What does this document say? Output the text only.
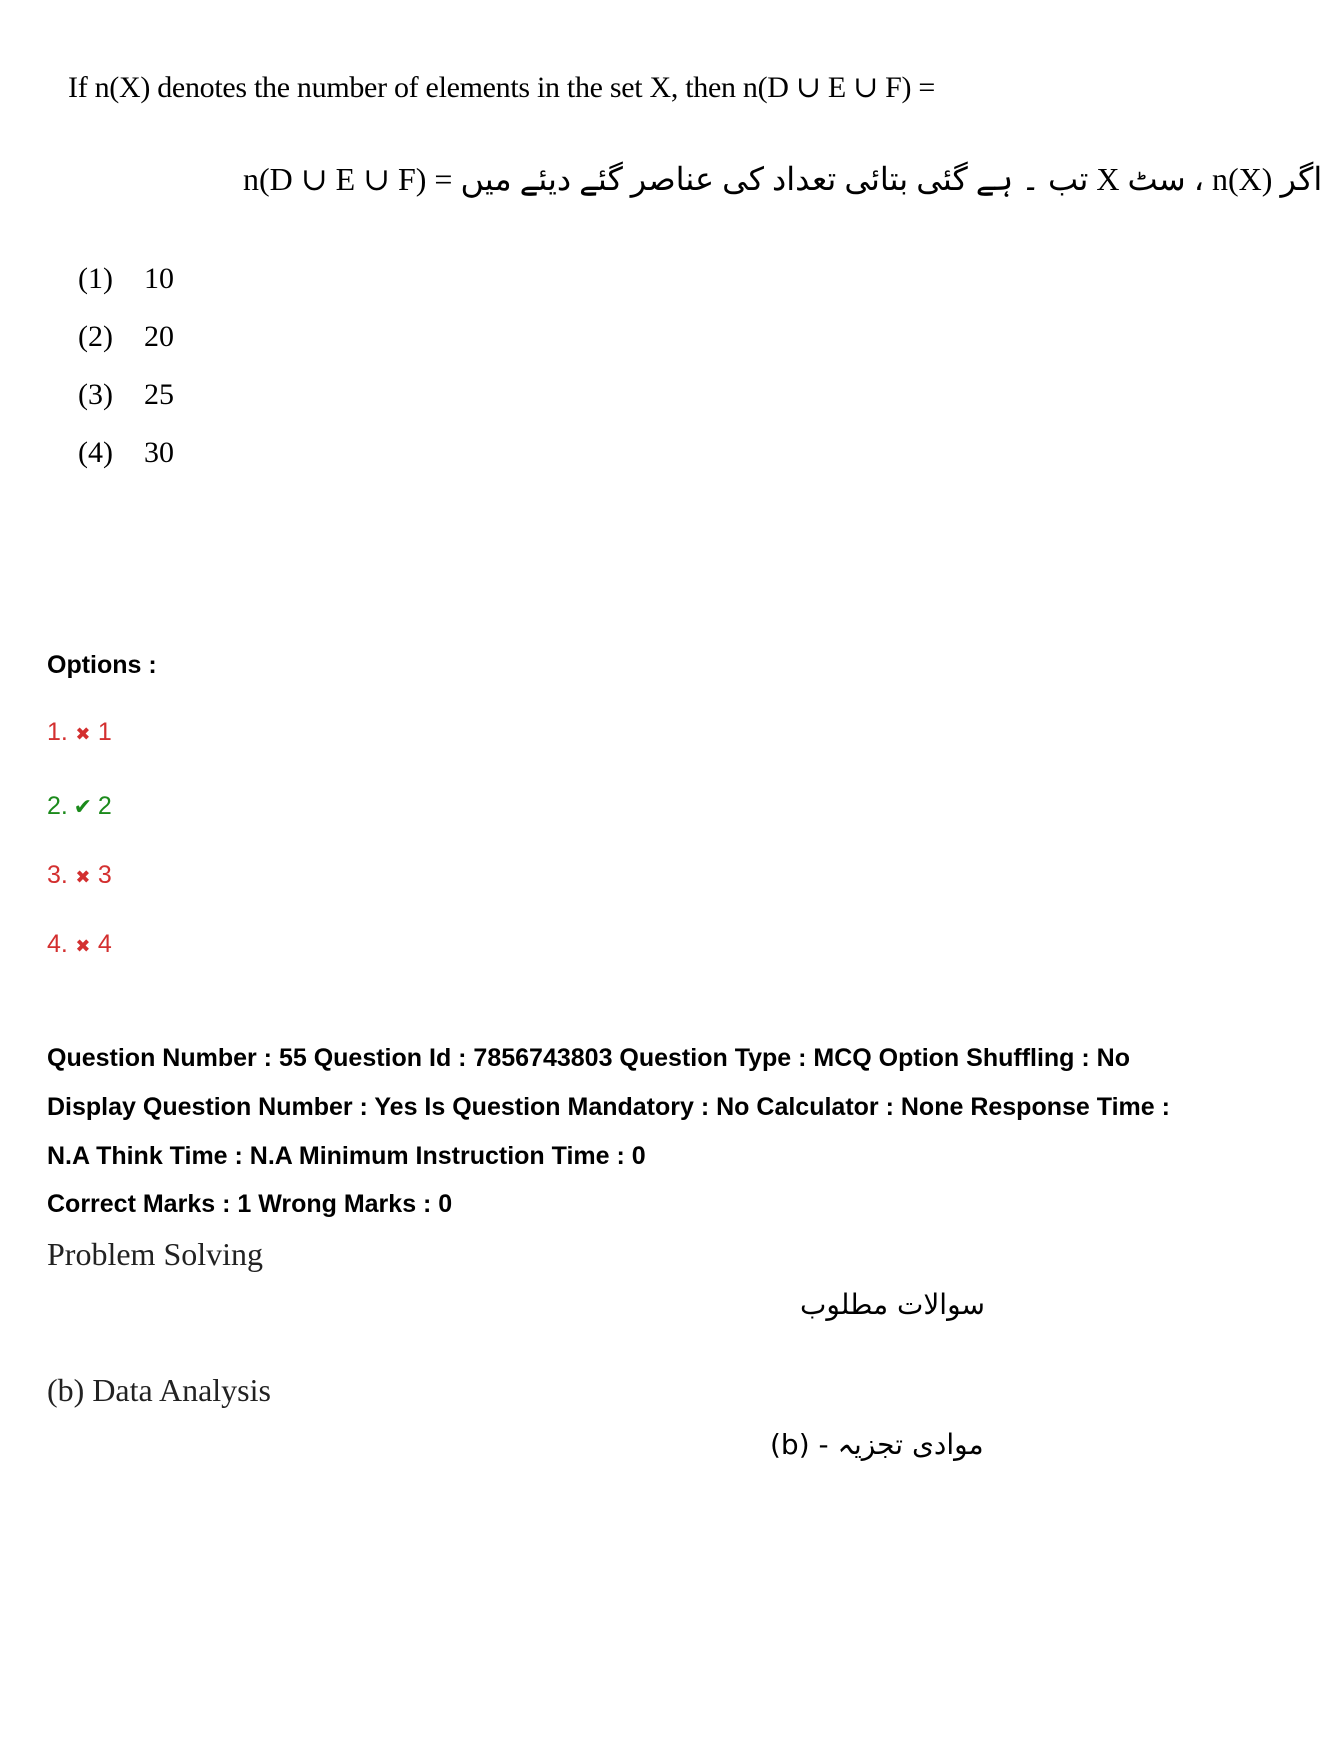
If n(X) denotes the number of elements in the set X, then n(D ∪ E ∪ F) =
n(D ∪ E ∪ F) = تب ۔ ہے گئی بتائی تعداد کی عناصر گئے دیئے میں X سٹ ، n(X) اگر
(1) 10
(2) 20
(3) 25
(4) 30
Options :
1. ✖ 1
2. ✔ 2
3. ✖ 3
4. ✖ 4
Question Number : 55 Question Id : 7856743803 Question Type : MCQ Option Shuffling : No Display Question Number : Yes Is Question Mandatory : No Calculator : None Response Time : N.A Think Time : N.A Minimum Instruction Time : 0
Correct Marks : 1 Wrong Marks : 0
Problem Solving
سوالات مطلوب
(b) Data Analysis
(b) - موادی تجزیہ
